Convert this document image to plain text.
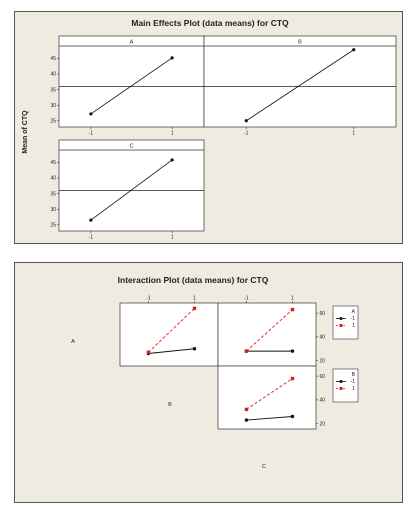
Main Effects Plot (data means) for CTQ
Mean of CTQ
A
-1	1
25
30
35
40
45
B
-1	1
C
-1	1
25
30
35
40
45
Interaction Plot (data means) for CTQ
A
B
C
-1	1	-1	1
20
40
60
20
40
60
A
-1
1
B
-1
1
